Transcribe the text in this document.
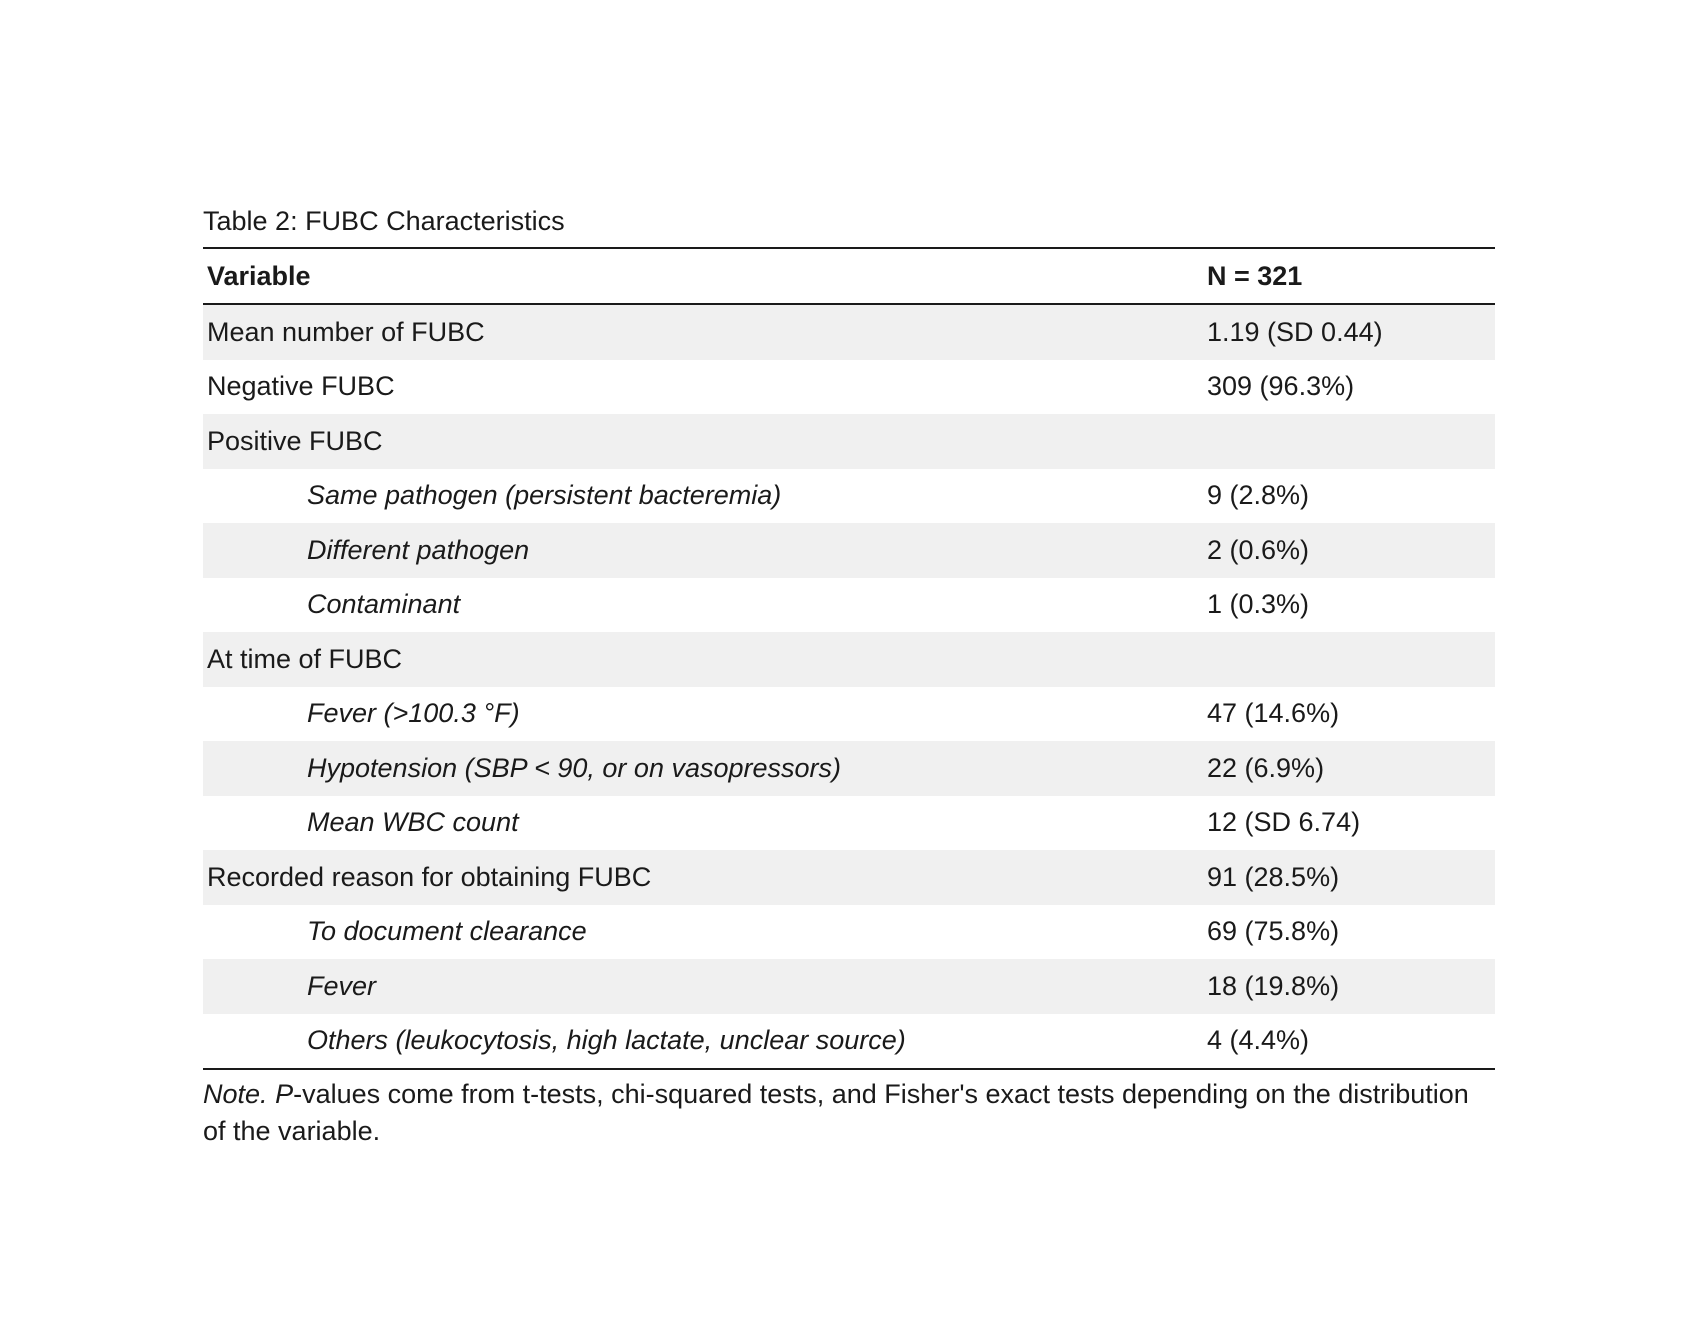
Table 2: FUBC Characteristics
Variable	N = 321
Mean number of FUBC	1.19 (SD 0.44)
Negative FUBC	309 (96.3%)
Positive FUBC	
Same pathogen (persistent bacteremia)	9 (2.8%)
Different pathogen	2 (0.6%)
Contaminant	1 (0.3%)
At time of FUBC	
Fever (>100.3 °F)	47 (14.6%)
Hypotension (SBP < 90, or on vasopressors)	22 (6.9%)
Mean WBC count	12 (SD 6.74)
Recorded reason for obtaining FUBC	91 (28.5%)
To document clearance	69 (75.8%)
Fever	18 (19.8%)
Others (leukocytosis, high lactate, unclear source)	4 (4.4%)
Note. P-values come from t-tests, chi-squared tests, and Fisher's exact tests depending on the distribution of the variable.
